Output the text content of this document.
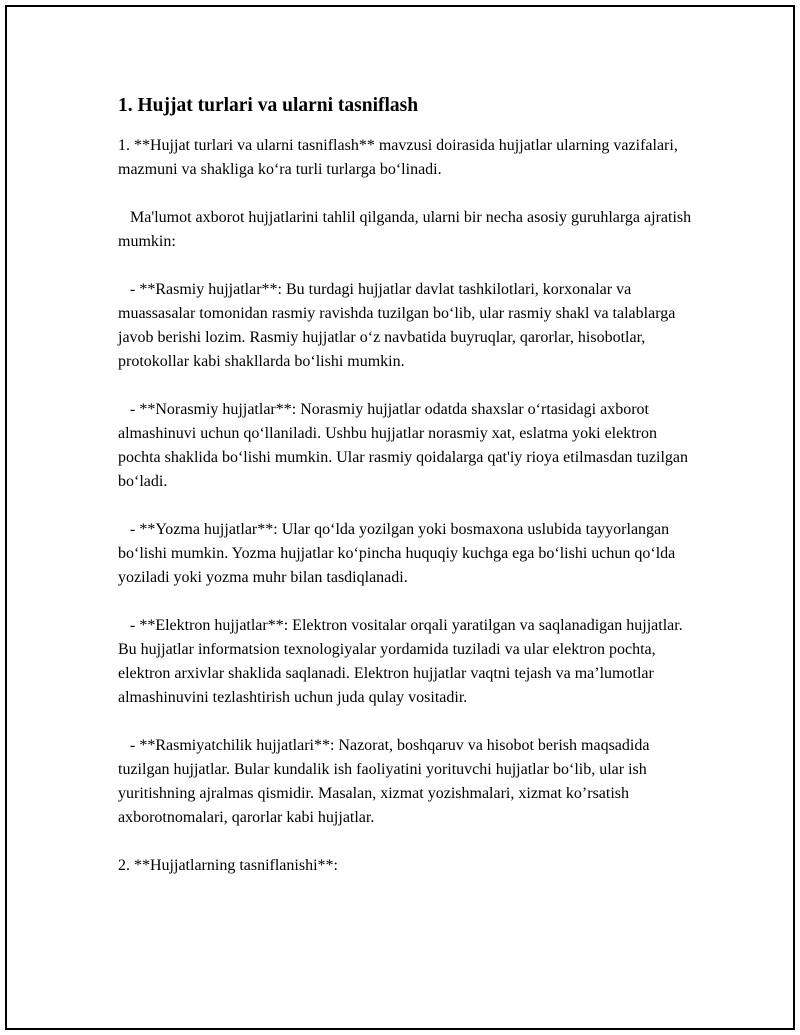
1. Hujjat turlari va ularni tasniflash

1. **Hujjat turlari va ularni tasniflash** mavzusi doirasida hujjatlar ularning vazifalari, mazmuni va shakliga ko‘ra turli turlarga bo‘linadi.

Ma'lumot axborot hujjatlarini tahlil qilganda, ularni bir necha asosiy guruhlarga ajratish mumkin:

- **Rasmiy hujjatlar**: Bu turdagi hujjatlar davlat tashkilotlari, korxonalar va muassasalar tomonidan rasmiy ravishda tuzilgan bo‘lib, ular rasmiy shakl va talablarga javob berishi lozim. Rasmiy hujjatlar o‘z navbatida buyruqlar, qarorlar, hisobotlar, protokollar kabi shakllarda bo‘lishi mumkin.

- **Norasmiy hujjatlar**: Norasmiy hujjatlar odatda shaxslar o‘rtasidagi axborot almashinuvi uchun qo‘llaniladi. Ushbu hujjatlar norasmiy xat, eslatma yoki elektron pochta shaklida bo‘lishi mumkin. Ular rasmiy qoidalarga qat'iy rioya etilmasdan tuzilgan bo‘ladi.

- **Yozma hujjatlar**: Ular qo‘lda yozilgan yoki bosmaxona uslubida tayyorlangan bo‘lishi mumkin. Yozma hujjatlar ko‘pincha huquqiy kuchga ega bo‘lishi uchun qo‘lda yoziladi yoki yozma muhr bilan tasdiqlanadi.

- **Elektron hujjatlar**: Elektron vositalar orqali yaratilgan va saqlanadigan hujjatlar. Bu hujjatlar informatsion texnologiyalar yordamida tuziladi va ular elektron pochta, elektron arxivlar shaklida saqlanadi. Elektron hujjatlar vaqtni tejash va ma’lumotlar almashinuvini tezlashtirish uchun juda qulay vositadir.

- **Rasmiyatchilik hujjatlari**: Nazorat, boshqaruv va hisobot berish maqsadida tuzilgan hujjatlar. Bular kundalik ish faoliyatini yorituvchi hujjatlar bo‘lib, ular ish yuritishning ajralmas qismidir. Masalan, xizmat yozishmalari, xizmat ko’rsatish axborotnomalari, qarorlar kabi hujjatlar.

2. **Hujjatlarning tasniflanishi**:
